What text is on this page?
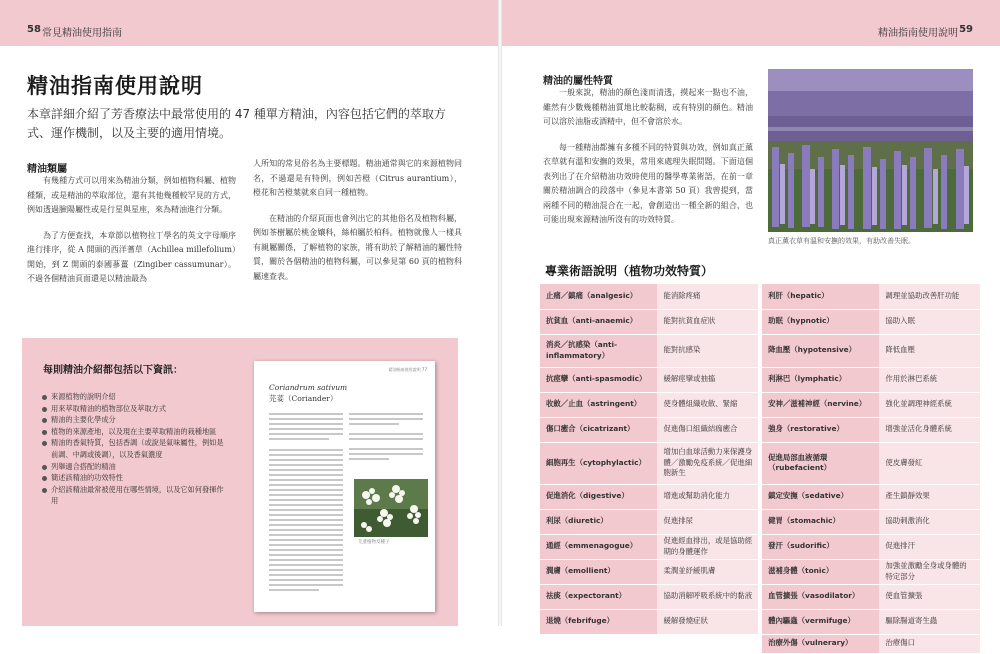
58 常見精油使用指南	精油指南使用說明 59
精油指南使用說明
本章詳細介紹了芳香療法中最常使用的 47 種單方精油，內容包括它們的萃取方式、運作機制，以及主要的適用情境。
精油類屬

有幾種方式可以用來為精油分類，例如植物科屬、植物種類，或是精油的萃取部位，還有其他幾種較罕見的方式，例如透過臉陽屬性或是行星與星座，來為精油進行分類。

為了方便查找，本章節以植物拉丁學名的英文字母順序進行排序，從 A 開頭的西洋蓍草（Achillea millefolium）開始，到 Z 開頭的泰國蔘薑（Zingiber cassumunar）。不過各個精油頁面還是以精油最為

人所知的常見俗名為主要標題。精油通常與它的來源植物同名，不過還是有特例，例如苦橙（Citrus aurantium），橙花和苦橙葉就來自同一種植物。

在精油的介紹頁面也會列出它的其他俗名及植物科屬，例如茶樹屬於桃金孃科，絲柏屬於柏科。植物就像人一樣具有親屬關係，了解植物的家族，將有助於了解精油的屬性特質，關於各個精油的植物科屬，可以參見第 60 頁的植物科屬速查表。

每則精油介紹都包括以下資訊：
來源植物的說明介紹
用來萃取精油的植物部位及萃取方式
精油的主要化學成分
植物的來源產地，以及現在主要萃取精油的栽種地區
精油的香氣特質，包括香調（或說是氣味屬性，例如是前調、中調或後調），以及香氣濃度
列舉適合搭配的精油
簡述該精油的功效特性
介紹該精油最常被使用在哪些情境，以及它如何發揮作用
精油指南使用說明 77
Coriandrum sativum
芫荽（Coriander）
芫荽植物及種子
精油的屬性特質

一般來說，精油的顏色淺而清透，摸起來一點也不油，雖然有少數幾種精油質地比較黏稠，或有特別的顏色。精油可以溶於油脂或酒精中，但不會溶於水。

每一種精油都擁有多種不同的特質與功效，例如真正薰衣草就有溫和安撫的效果，常用來處理失眠問題。下面這個表列出了在介紹精油功效時使用的醫學專業術語，在前一章關於精油調合的段落中（參見本書第 50 頁）我曾提到，當兩種不同的精油混合在一起，會創造出一種全新的組合，也可能出現來源精油所沒有的功效特質。

真正薰衣草有溫和安撫的效果，有助改善失眠。
專業術語說明（植物功效特質）
止痛／鎮痛（analgesic）	能消除疼痛		利肝（hepatic）	調理並協助改善肝功能
抗貧血（anti-anaemic）	能對抗貧血症狀		助眠（hypnotic）	協助入眠
消炎／抗感染（anti-inflammatory）	能對抗感染		降血壓（hypotensive）	降低血壓
抗痙攣（anti-spasmodic）	緩解痙攣或抽搐		利淋巴（lymphatic）	作用於淋巴系統
收斂／止血（astringent）	使身體組織收斂、緊縮		安神／滋補神經（nervine）	強化並調理神經系統
傷口癒合（cicatrizant）	促進傷口組織結痂癒合		強身（restorative）	增強並活化身體系統
細胞再生（cytophylactic）	增加白血球活動力來保護身體／激勵免疫系統／促進細胞新生		促進局部血液循環（rubefacient）	使皮膚發紅
促進消化（digestive）	增進或幫助消化能力		鎮定安撫（sedative）	產生鎮靜效果
利尿（diuretic）	促進排尿		健胃（stomachic）	協助刺激消化
通經（emmenagogue）	促進經血排出，或是協助經期的身體運作		發汗（sudorific）	促進排汗
潤膚（emollient）	柔潤並紓緩肌膚		滋補身體（tonic）	加強並激勵全身或身體的特定部分
祛痰（expectorant）	協助消解呼吸系統中的黏液		血管擴張（vasodilator）	使血管擴張
退燒（febrifuge）	緩解發燒症狀		體內驅蟲（vermifuge）	驅除腸道寄生蟲
			治療外傷（vulnerary）	治療傷口
